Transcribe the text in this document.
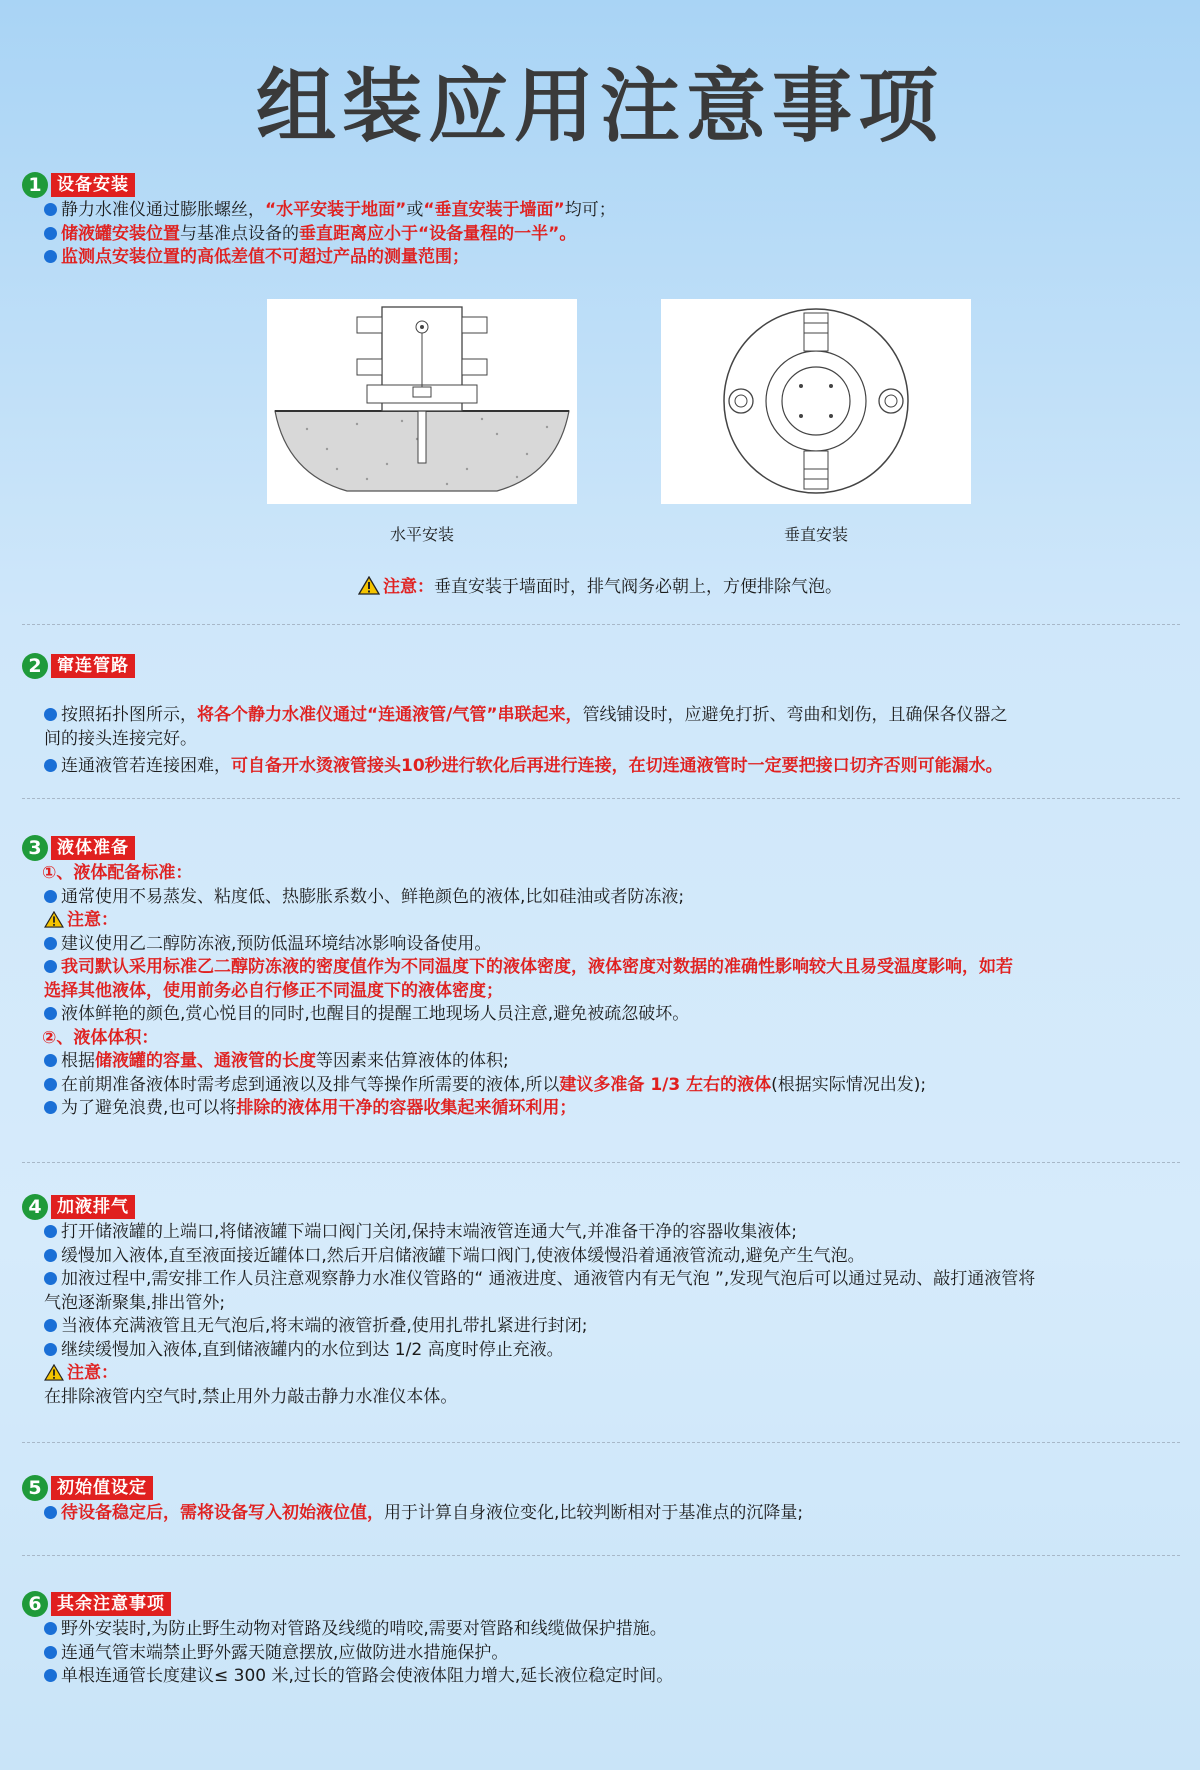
组装应用注意事项
1 设备安装
静力水准仪通过膨胀螺丝，“水平安装于地面”或“垂直安装于墙面”均可；
储液罐安装位置与基准点设备的垂直距离应小于“设备量程的一半”。
监测点安装位置的高低差值不可超过产品的测量范围；
水平安装	垂直安装
注意：垂直安装于墙面时，排气阀务必朝上，方便排除气泡。
2 窜连管路
按照拓扑图所示，将各个静力水准仪通过“连通液管/气管”串联起来，管线铺设时，应避免打折、弯曲和划伤，且确保各仪器之
间的接头连接完好。
连通液管若连接困难，可自备开水烫液管接头10秒进行软化后再进行连接，在切连通液管时一定要把接口切齐否则可能漏水。
3 液体准备
①、液体配备标准：
通常使用不易蒸发、粘度低、热膨胀系数小、鲜艳颜色的液体,比如硅油或者防冻液;
注意：
建议使用乙二醇防冻液,预防低温环境结冰影响设备使用。
我司默认采用标准乙二醇防冻液的密度值作为不同温度下的液体密度，液体密度对数据的准确性影响较大且易受温度影响，如若
选择其他液体，使用前务必自行修正不同温度下的液体密度；
液体鲜艳的颜色,赏心悦目的同时,也醒目的提醒工地现场人员注意,避免被疏忽破坏。
②、液体体积：
根据储液罐的容量、通液管的长度等因素来估算液体的体积;
在前期准备液体时需考虑到通液以及排气等操作所需要的液体,所以建议多准备 1/3 左右的液体(根据实际情况出发);
为了避免浪费,也可以将排除的液体用干净的容器收集起来循环利用；
4 加液排气
打开储液罐的上端口,将储液罐下端口阀门关闭,保持末端液管连通大气,并准备干净的容器收集液体;
缓慢加入液体,直至液面接近罐体口,然后开启储液罐下端口阀门,使液体缓慢沿着通液管流动,避免产生气泡。
加液过程中,需安排工作人员注意观察静力水准仪管路的“ 通液进度、通液管内有无气泡 ”,发现气泡后可以通过晃动、敲打通液管将
气泡逐渐聚集,排出管外;
当液体充满液管且无气泡后,将末端的液管折叠,使用扎带扎紧进行封闭;
继续缓慢加入液体,直到储液罐内的水位到达 1/2 高度时停止充液。
注意：
在排除液管内空气时,禁止用外力敲击静力水准仪本体。
5 初始值设定
待设备稳定后，需将设备写入初始液位值，用于计算自身液位变化,比较判断相对于基准点的沉降量;
6 其余注意事项
野外安装时,为防止野生动物对管路及线缆的啃咬,需要对管路和线缆做保护措施。
连通气管末端禁止野外露天随意摆放,应做防进水措施保护。
单根连通管长度建议≤ 300 米,过长的管路会使液体阻力增大,延长液位稳定时间。
